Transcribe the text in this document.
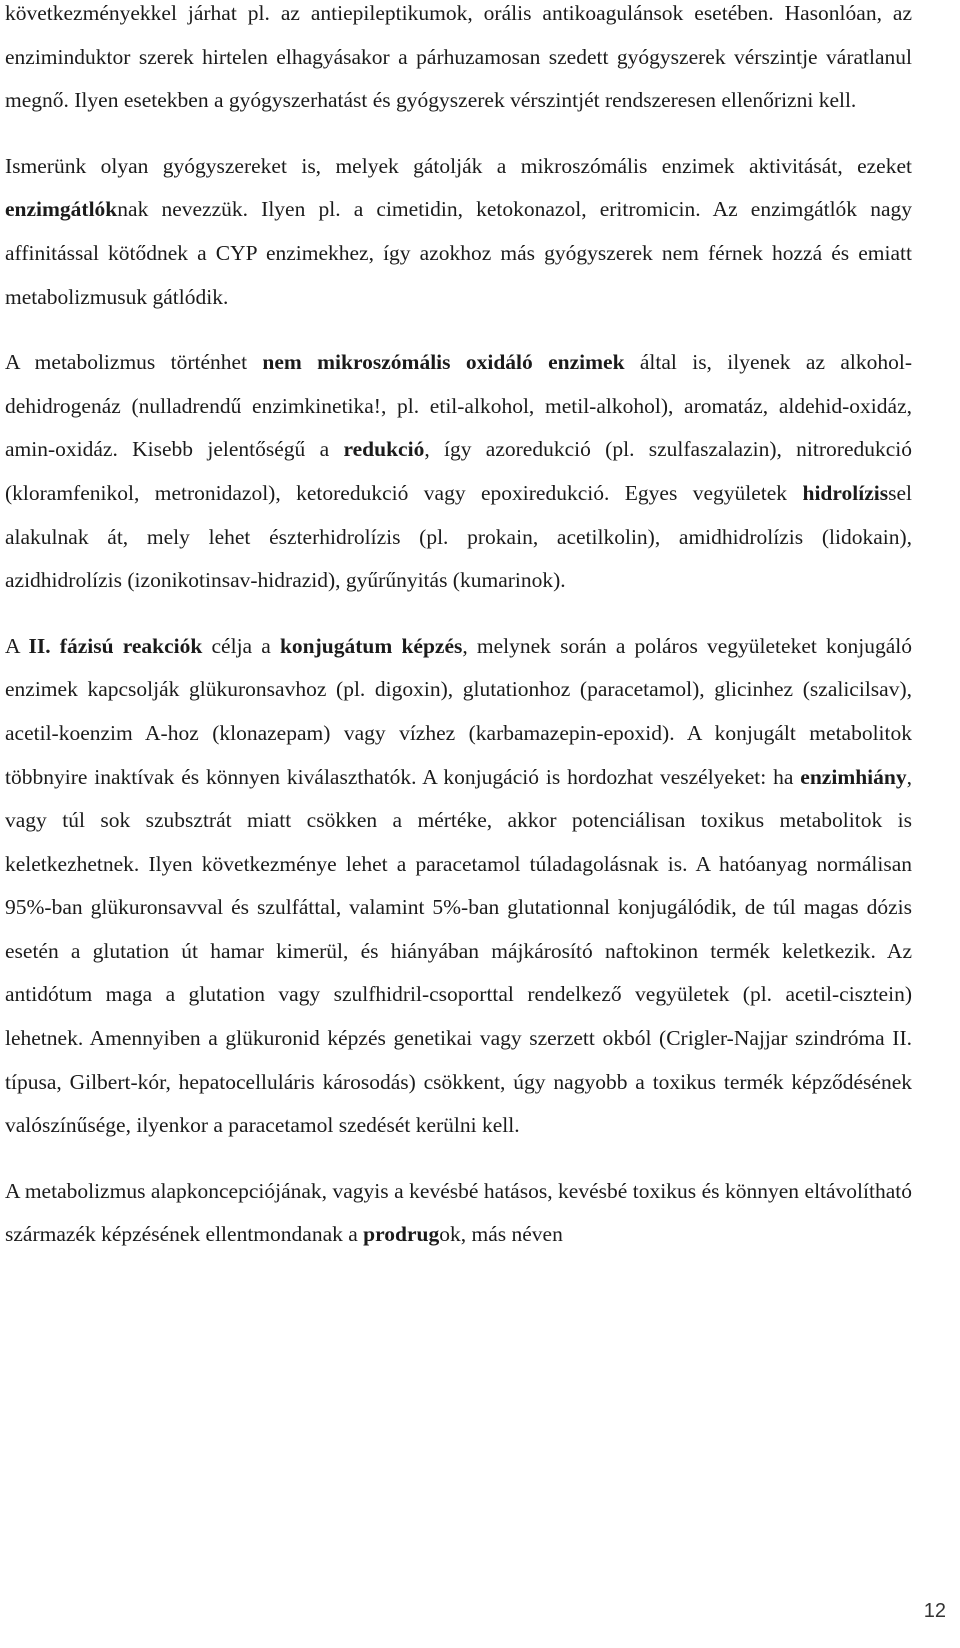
következményekkel járhat pl. az antiepileptikumok, orális antikoagulánsok esetében. Hasonlóan, az enziminduktor szerek hirtelen elhagyásakor a párhuzamosan szedett gyógyszerek vérszintje váratlanul megnő. Ilyen esetekben a gyógyszerhatást és gyógyszerek vérszintjét rendszeresen ellenőrizni kell.
Ismerünk olyan gyógyszereket is, melyek gátolják a mikroszómális enzimek aktivitását, ezeket enzimgátlóknak nevezzük. Ilyen pl. a cimetidin, ketokonazol, eritromicin. Az enzimgátlók nagy affinitással kötődnek a CYP enzimekhez, így azokhoz más gyógyszerek nem férnek hozzá és emiatt metabolizmusuk gátlódik.
A metabolizmus történhet nem mikroszómális oxidáló enzimek által is, ilyenek az alkohol-dehidrogenáz (nulladrendű enzimkinetika!, pl. etil-alkohol, metil-alkohol), aromatáz, aldehid-oxidáz, amin-oxidáz. Kisebb jelentőségű a redukció, így azoredukció (pl. szulfaszalazin), nitroredukció (kloramfenikol, metronidazol), ketoredukció vagy epoxiredukció. Egyes vegyületek hidrolízissel alakulnak át, mely lehet észterhidrolízis (pl. prokain, acetilkolin), amidhidrolízis (lidokain), azidhidrolízis (izonikotinsav-hidrazid), gyűrűnyitás (kumarinok).
A II. fázisú reakciók célja a konjugátum képzés, melynek során a poláros vegyületeket konjugáló enzimek kapcsolják glükuronsavhoz (pl. digoxin), glutationhoz (paracetamol), glicinhez (szalicilsav), acetil-koenzim A-hoz (klonazepam) vagy vízhez (karbamazepin-epoxid). A konjugált metabolitok többnyire inaktívak és könnyen kiválaszthatók. A konjugáció is hordozhat veszélyeket: ha enzimhiány, vagy túl sok szubsztrát miatt csökken a mértéke, akkor potenciálisan toxikus metabolitok is keletkezhetnek. Ilyen következménye lehet a paracetamol túladagolásnak is. A hatóanyag normálisan 95%-ban glükuronsavval és szulfáttal, valamint 5%-ban glutationnal konjugálódik, de túl magas dózis esetén a glutation út hamar kimerül, és hiányában májkárosító naftokinon termék keletkezik. Az antidótum maga a glutation vagy szulfhidril-csoporttal rendelkező vegyületek (pl. acetil-cisztein) lehetnek. Amennyiben a glükuronid képzés genetikai vagy szerzett okból (Crigler-Najjar szindróma II. típusa, Gilbert-kór, hepatocelluláris károsodás) csökkent, úgy nagyobb a toxikus termék képződésének valószínűsége, ilyenkor a paracetamol szedését kerülni kell.
A metabolizmus alapkoncepciójának, vagyis a kevésbé hatásos, kevésbé toxikus és könnyen eltávolítható származék képzésének ellentmondanak a prodrugok, más néven
12
